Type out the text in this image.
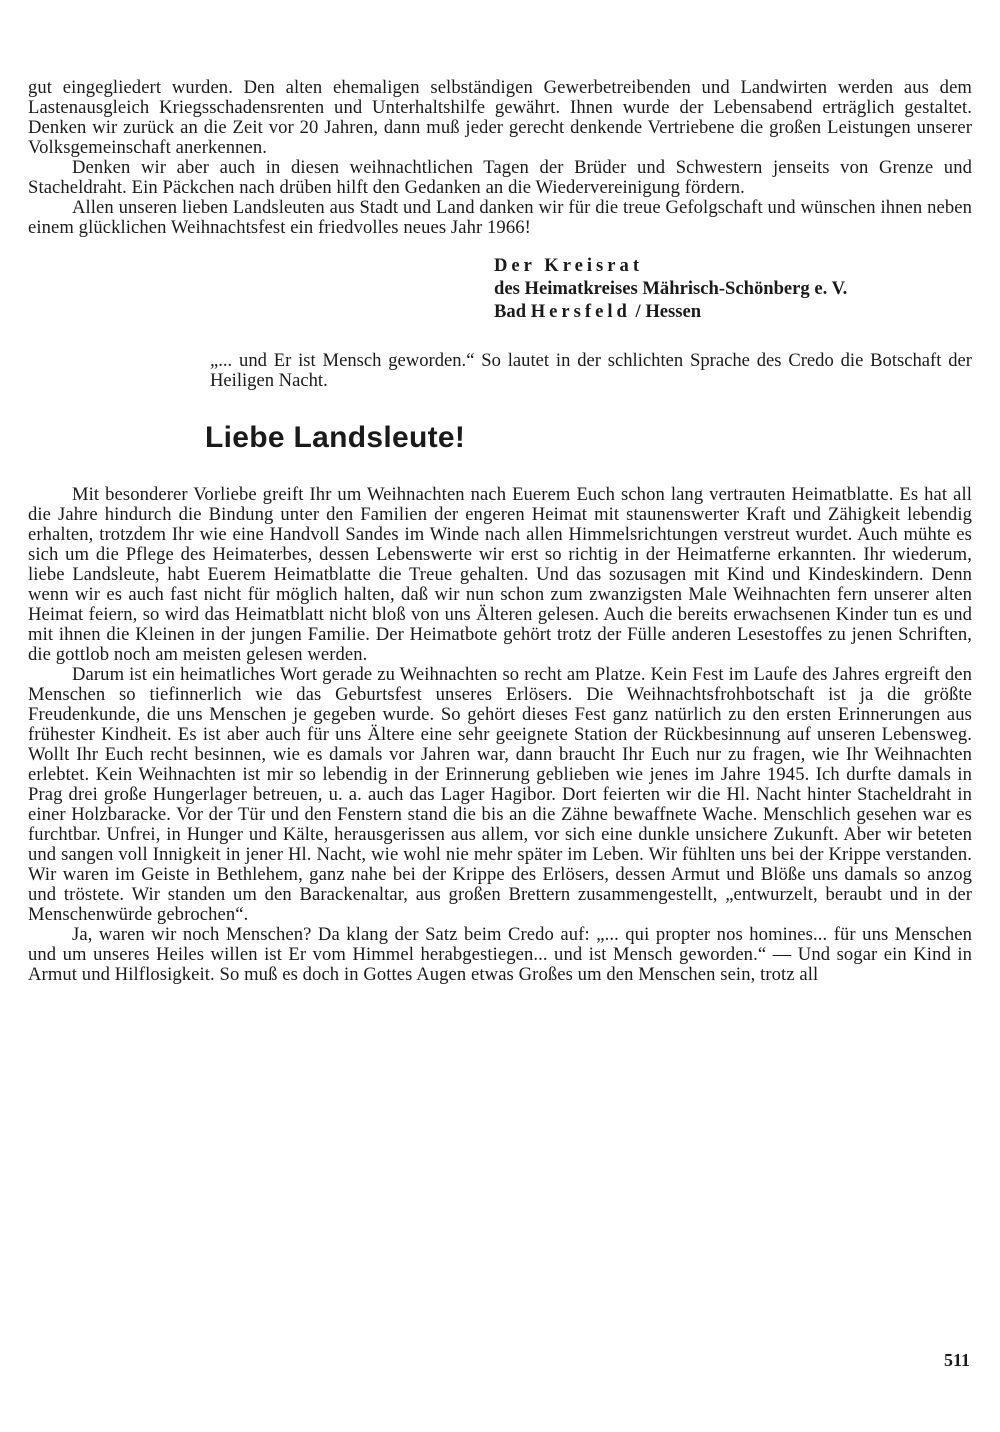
gut eingegliedert wurden. Den alten ehemaligen selbständigen Gewerbetreibenden und Landwirten werden aus dem Lastenausgleich Kriegsschadensrenten und Unterhaltshilfe gewährt. Ihnen wurde der Lebensabend erträglich gestaltet. Denken wir zurück an die Zeit vor 20 Jahren, dann muß jeder gerecht denkende Vertriebene die großen Leistungen unserer Volksgemeinschaft anerkennen.

Denken wir aber auch in diesen weihnachtlichen Tagen der Brüder und Schwestern jenseits von Grenze und Stacheldraht. Ein Päckchen nach drüben hilft den Gedanken an die Wiedervereinigung fördern.

Allen unseren lieben Landsleuten aus Stadt und Land danken wir für die treue Gefolgschaft und wünschen ihnen neben einem glücklichen Weihnachtsfest ein friedvolles neues Jahr 1966!

Der Kreisrat
des Heimatkreises Mährisch-Schönberg e. V.
Bad Hersfeld / Hessen

„... und Er ist Mensch geworden.“ So lautet in der schlichten Sprache des Credo die Botschaft der Heiligen Nacht.

Liebe Landsleute!

Mit besonderer Vorliebe greift Ihr um Weihnachten nach Euerem Euch schon lang vertrauten Heimatblatte. Es hat all die Jahre hindurch die Bindung unter den Familien der engeren Heimat mit staunenswerter Kraft und Zähigkeit lebendig erhalten, trotzdem Ihr wie eine Handvoll Sandes im Winde nach allen Himmelsrichtungen verstreut wurdet. Auch mühte es sich um die Pflege des Heimaterbes, dessen Lebenswerte wir erst so richtig in der Heimatferne erkannten. Ihr wiederum, liebe Landsleute, habt Euerem Heimatblatte die Treue gehalten. Und das sozusagen mit Kind und Kindeskindern. Denn wenn wir es auch fast nicht für möglich halten, daß wir nun schon zum zwanzigsten Male Weihnachten fern unserer alten Heimat feiern, so wird das Heimatblatt nicht bloß von uns Älteren gelesen. Auch die bereits erwachsenen Kinder tun es und mit ihnen die Kleinen in der jungen Familie. Der Heimatbote gehört trotz der Fülle anderen Lesestoffes zu jenen Schriften, die gottlob noch am meisten gelesen werden.

Darum ist ein heimatliches Wort gerade zu Weihnachten so recht am Platze. Kein Fest im Laufe des Jahres ergreift den Menschen so tiefinnerlich wie das Geburtsfest unseres Erlösers. Die Weihnachtsfrohbotschaft ist ja die größte Freudenkunde, die uns Menschen je gegeben wurde. So gehört dieses Fest ganz natürlich zu den ersten Erinnerungen aus frühester Kindheit. Es ist aber auch für uns Ältere eine sehr geeignete Station der Rückbesinnung auf unseren Lebensweg. Wollt Ihr Euch recht besinnen, wie es damals vor Jahren war, dann braucht Ihr Euch nur zu fragen, wie Ihr Weihnachten erlebtet. Kein Weihnachten ist mir so lebendig in der Erinnerung geblieben wie jenes im Jahre 1945. Ich durfte damals in Prag drei große Hungerlager betreuen, u. a. auch das Lager Hagibor. Dort feierten wir die Hl. Nacht hinter Stacheldraht in einer Holzbaracke. Vor der Tür und den Fenstern stand die bis an die Zähne bewaffnete Wache. Menschlich gesehen war es furchtbar. Unfrei, in Hunger und Kälte, herausgerissen aus allem, vor sich eine dunkle unsichere Zukunft. Aber wir beteten und sangen voll Innigkeit in jener Hl. Nacht, wie wohl nie mehr später im Leben. Wir fühlten uns bei der Krippe verstanden. Wir waren im Geiste in Bethlehem, ganz nahe bei der Krippe des Erlösers, dessen Armut und Blöße uns damals so anzog und tröstete. Wir standen um den Barackenaltar, aus großen Brettern zusammengestellt, „entwurzelt, beraubt und in der Menschenwürde gebrochen“.

Ja, waren wir noch Menschen? Da klang der Satz beim Credo auf: „... qui propter nos homines... für uns Menschen und um unseres Heiles willen ist Er vom Himmel herabgestiegen... und ist Mensch geworden.“ — Und sogar ein Kind in Armut und Hilflosigkeit. So muß es doch in Gottes Augen etwas Großes um den Menschen sein, trotz all

511
